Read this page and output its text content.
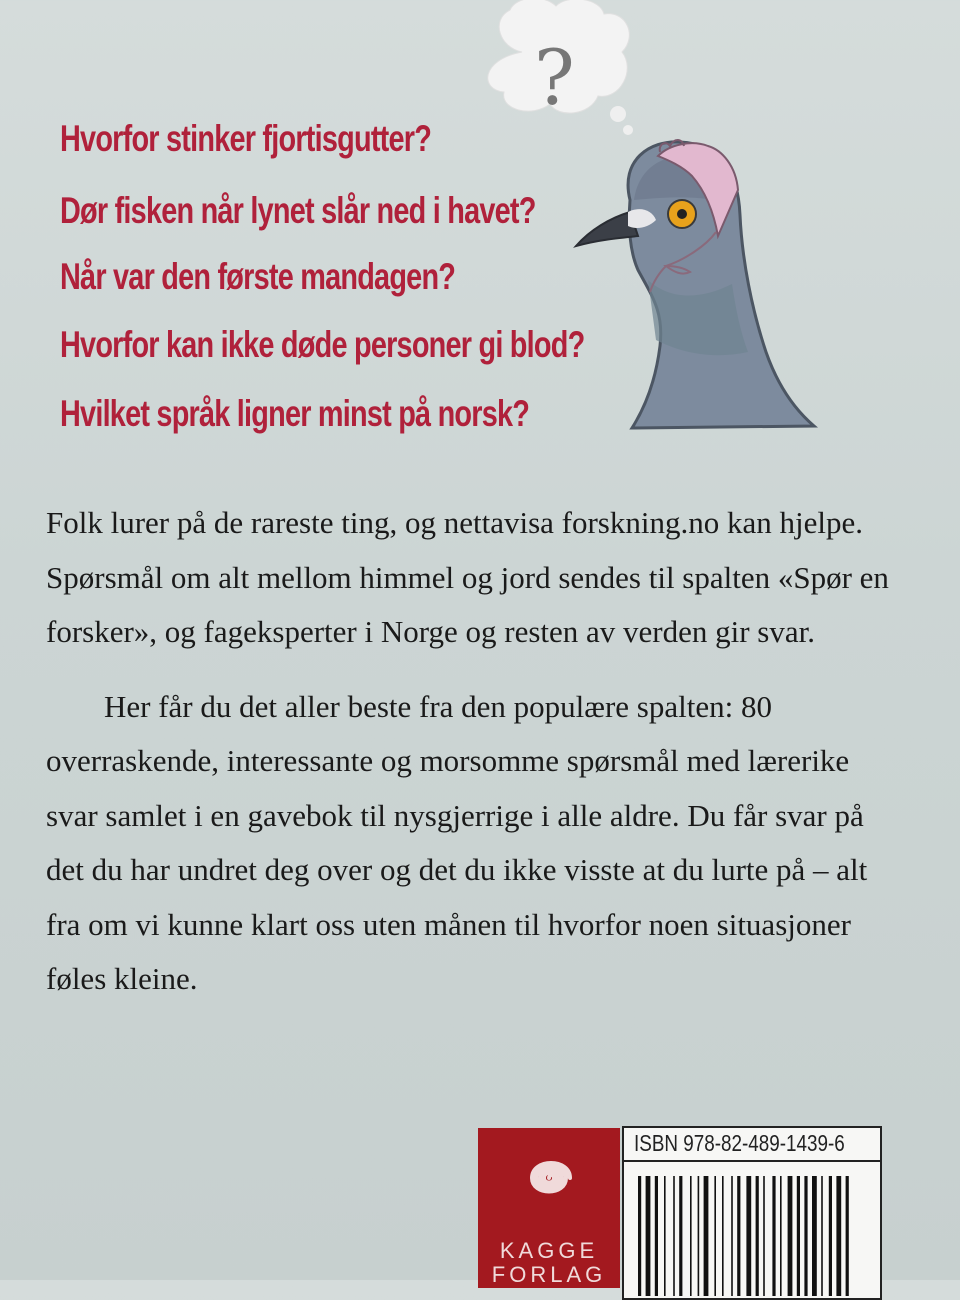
Hvorfor stinker fjortisgutter?
Dør fisken når lynet slår ned i havet?
Når var den første mandagen?
Hvorfor kan ikke døde personer gi blod?
Hvilket språk ligner minst på norsk?
?

Folk lurer på de rareste ting, og nettavisa forskning.no kan hjelpe. Spørsmål om alt mellom himmel og jord sendes til spalten «Spør en forsker», og fageksperter i Norge og resten av verden gir svar.

Her får du det aller beste fra den populære spalten: 80 overraskende, interessante og morsomme spørsmål med lærerike svar samlet i en gavebok til nysgjerrige i alle aldre. Du får svar på det du har undret deg over og det du ikke visste at du lurte på – alt fra om vi kunne klart oss uten månen til hvorfor noen situasjoner føles kleine.

KAGGE
FORLAG
ISBN 978-82-489-1439-6
